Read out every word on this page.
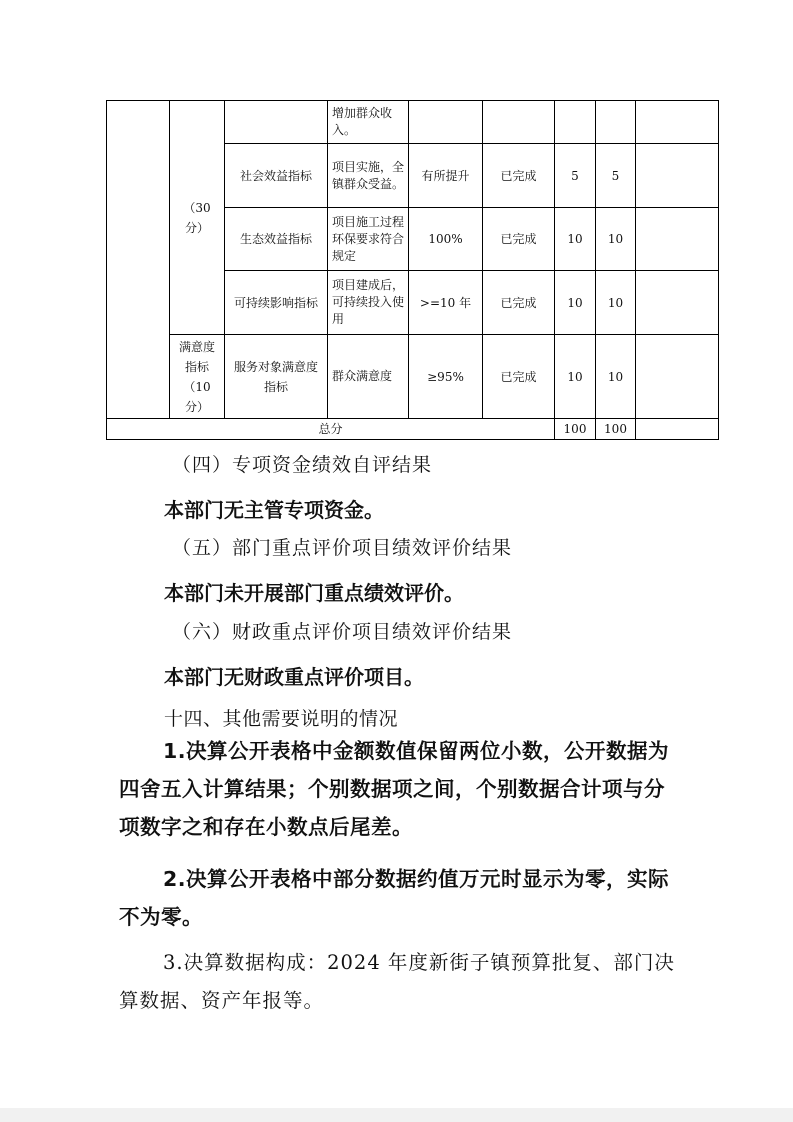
	（30 分）		增加群众收入。					
		社会效益指标	项目实施，全镇群众受益。	有所提升	已完成	5	5	
		生态效益指标	项目施工过程环保要求符合规定	100%	已完成	10	10	
		可持续影响指标	项目建成后，可持续投入使用	>=10 年	已完成	10	10	
	满意度指标（10 分）	服务对象满意度指标	群众满意度	≥95%	已完成	10	10	
总分						100	100	
（四）专项资金绩效自评结果
本部门无主管专项资金。
（五）部门重点评价项目绩效评价结果
本部门未开展部门重点绩效评价。
（六）财政重点评价项目绩效评价结果
本部门无财政重点评价项目。
十四、其他需要说明的情况

1.决算公开表格中金额数值保留两位小数，公开数据为四舍五入计算结果；个别数据项之间，个别数据合计项与分项数字之和存在小数点后尾差。

2.决算公开表格中部分数据约值万元时显示为零，实际不为零。

3.决算数据构成：2024 年度新街子镇预算批复、部门决算数据、资产年报等。
